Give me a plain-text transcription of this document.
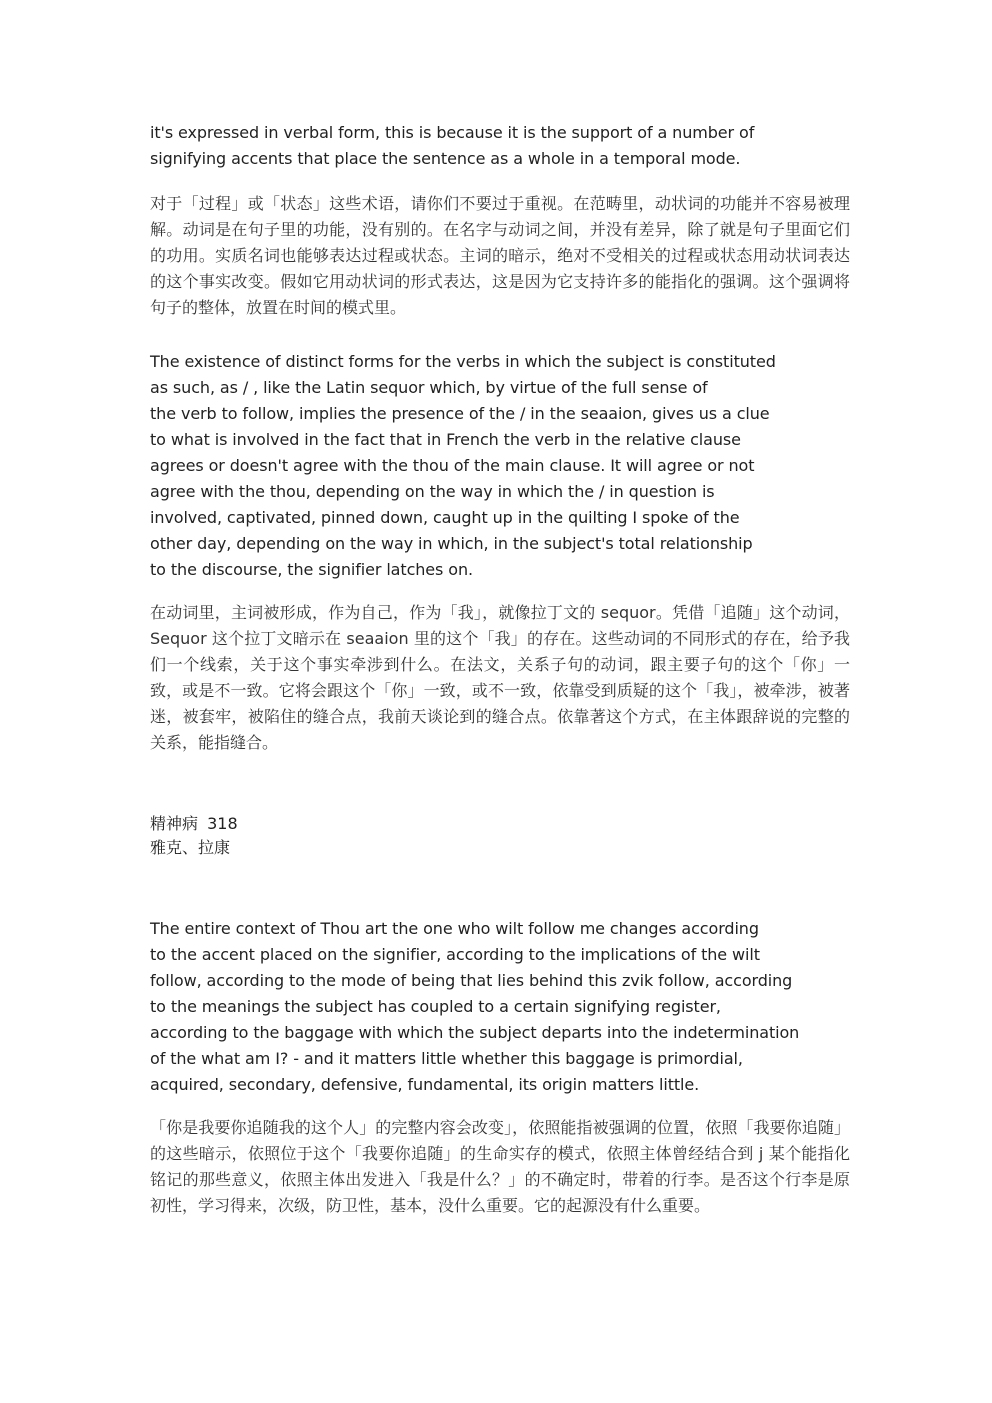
it's expressed in verbal form, this is because it is the support of a number of
signifying accents that place the sentence as a whole in a temporal mode.

对于「过程」或「状态」这些术语，请你们不要过于重视。在范畴里，动状词的功能并不容易被理解。动词是在句子里的功能，没有别的。在名字与动词之间，并没有差异，除了就是句子里面它们的功用。实质名词也能够表达过程或状态。主词的暗示，绝对不受相关的过程或状态用动状词表达的这个事实改变。假如它用动状词的形式表达，这是因为它支持许多的能指化的强调。这个强调将句子的整体，放置在时间的模式里。

The existence of distinct forms for the verbs in which the subject is constituted
as such, as / , like the Latin sequor which, by virtue of the full sense of
the verb to follow, implies the presence of the / in the seaaion, gives us a clue
to what is involved in the fact that in French the verb in the relative clause
agrees or doesn't agree with the thou of the main clause. It will agree or not
agree with the thou, depending on the way in which the / in question is
involved, captivated, pinned down, caught up in the quilting I spoke of the
other day, depending on the way in which, in the subject's total relationship
to the discourse, the signifier latches on.

在动词里，主词被形成，作为自己，作为「我」，就像拉丁文的 sequor。凭借「追随」这个动词，Sequor 这个拉丁文暗示在 seaaion 里的这个「我」的存在。这些动词的不同形式的存在，给予我们一个线索，关于这个事实牵涉到什么。在法文，关系子句的动词，跟主要子句的这个「你」一致，或是不一致。它将会跟这个「你」一致，或不一致，依靠受到质疑的这个「我」，被牵涉，被著迷，被套牢，被陷住的缝合点，我前天谈论到的缝合点。依靠著这个方式，在主体跟辞说的完整的关系，能指缝合。

精神病 318
雅克、拉康

The entire context of Thou art the one who wilt follow me changes according
to the accent placed on the signifier, according to the implications of the wilt
follow, according to the mode of being that lies behind this zvik follow, according
to the meanings the subject has coupled to a certain signifying register,
according to the baggage with which the subject departs into the indetermination
of the what am I? - and it matters little whether this baggage is primordial,
acquired, secondary, defensive, fundamental, its origin matters little.

「你是我要你追随我的这个人」的完整内容会改变」，依照能指被强调的位置，依照「我要你追随」的这些暗示，依照位于这个「我要你追随」的生命实存的模式，依照主体曾经结合到 j 某个能指化铭记的那些意义，依照主体出发进入「我是什么？」的不确定时，带着的行李。是否这个行李是原初性，学习得来，次级，防卫性，基本，没什么重要。它的起源没有什么重要。
